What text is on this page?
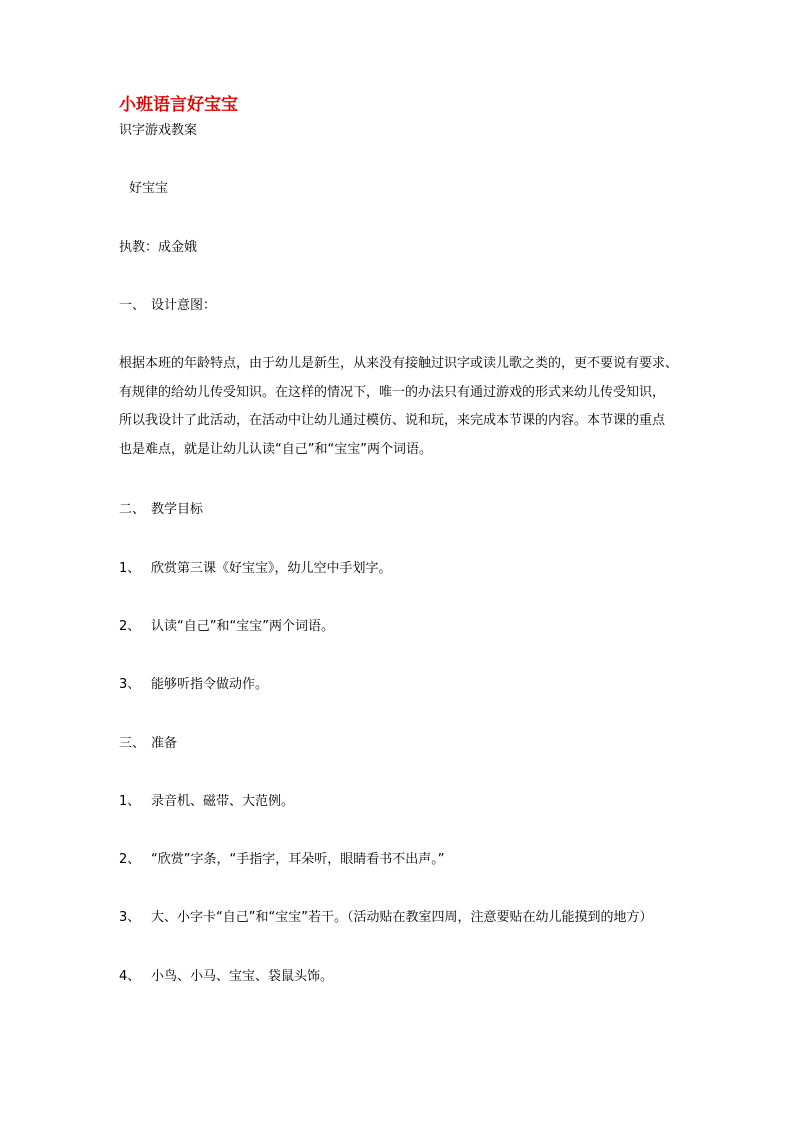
小班语言好宝宝
识字游戏教案
好宝宝
执教：成金娥
一、 设计意图：
根据本班的年龄特点，由于幼儿是新生，从来没有接触过识字或读儿歌之类的，更不要说有要求、
有规律的给幼儿传受知识。在这样的情况下，唯一的办法只有通过游戏的形式来幼儿传受知识，
所以我设计了此活动，在活动中让幼儿通过模仿、说和玩，来完成本节课的内容。本节课的重点
也是难点，就是让幼儿认读“自己”和“宝宝”两个词语。
二、 教学目标
1、 欣赏第三课《好宝宝》，幼儿空中手划字。
2、 认读“自己”和“宝宝”两个词语。
3、 能够听指令做动作。
三、 准备
1、 录音机、磁带、大范例。
2、 “欣赏”字条，“手指字，耳朵听，眼睛看书不出声。”
3、 大、小字卡“自己”和“宝宝”若干。（活动贴在教室四周，注意要贴在幼儿能摸到的地方）
4、 小鸟、小马、宝宝、袋鼠头饰。
